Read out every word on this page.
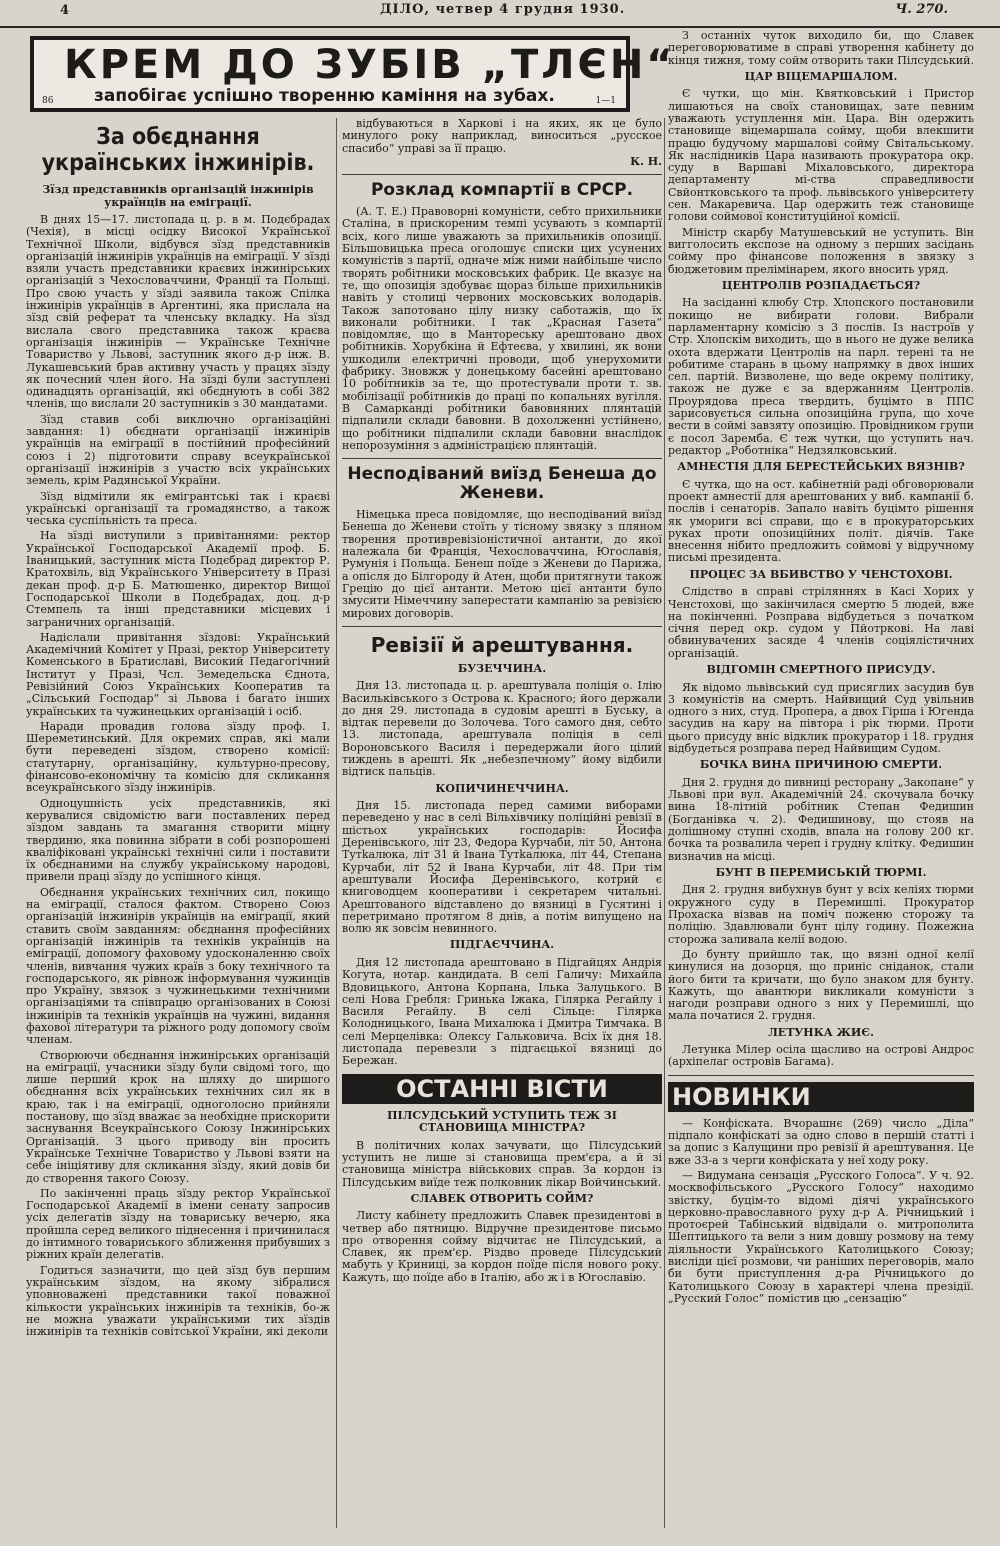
4	ДІЛО, четвер 4 грудня 1930.	Ч. 270.
КРЕМ ДО ЗУБІВ „ТЛЄН“
запобігає успішно творенню каміння на зубах.
86	1—1
За обєднання українських інжинірів.
Зїзд представників організацій інжинірів українців на еміграції.

В днях 15—17. листопада ц. р. в м. Подєбрадах (Чехія), в місці осідку Високої Української Технічної Школи, відбувся зїзд представників організацій інжинірів українців на еміграції. У зїзді взяли участь представники краєвих інжинірських організацій з Чехословаччини, Франції та Польщі. Про свою участь у зїзді заявила також Спілка інжинірів українців в Аргентині, яка прислала на зїзд свій реферат та членську вкладку. На зїзд вислала свого представника також краєва організація інжинірів — Українське Технічне Товариство у Львові, заступник якого д-р інж. В. Лукашевський брав активну участь у працях зїзду як почесний член його. На зїзді були заступлені одинадцять організацій, які обєднують в собі 382 членів, що вислали 20 заступників з 30 мандатами.

Зїзд ставив собі виключно організаційні завдання: 1) обєднати організації інжинірів українців на еміграції в постійний професійний союз і 2) підготовити справу всеукраїнської організації інжинірів з участю всіх українських земель, крім Радянської України.

Зїзд відмітили як емігрантські так і краєві українські організації та громадянство, а також чеська суспільність та преса.

На зїзді виступили з привітаннями: ректор Української Господарської Академії проф. Б. Іваницький, заступник міста Подєбрад директор Р. Кратохвіль, від Українського Університету в Празі декан проф. д-р Б. Матюшенко, директор Вищої Господарської Школи в Подєбрадах, доц. д-р Стемпель та інші представники місцевих і заграничних організацій.

Надіслали привітання зїздові: Український Академічний Комітет у Празі, ректор Університету Коменського в Братиславі, Високий Педагогічний Інститут у Празі, Чсл. Земедельска Єднота, Ревізійний Союз Українських Кооператив та „Сільський Господар“ зі Львова і багато інших українських та чужинецьких організацій і осіб.

Наради провадив голова зїзду проф. І. Шереметинський. Для окремих справ, які мали бути переведені зїздом, створено комісії: статутарну, організаційну, культурно-пресову, фінансово-економічну та комісію для скликання всеукраїнського зїзду інжинірів.

Одноцушність усіх представників, які керувалися свідомістю ваги поставлених перед зїздом завдань та змагання створити міцну твердиню, яка повинна зібрати в собі розпорошені кваліфіковані українські технічні сили і поставити їх обєднаними на службу українському народові, привели праці зїзду до успішного кінця.

Обєднання українських технічних сил, покищо на еміграції, сталося фактом. Створено Союз організацій інжинірів українців на еміграції, який ставить своїм завданням: обєднання професійних організацій інжинірів та техніків українців на еміграції, допомогу фаховому удосконаленню своїх членів, вивчання чужих країв з боку технічного та господарського, як рівнож інформування чужинців про Україну, звязок з чужинецькими технічними організаціями та співпрацю організованих в Союзі інжинірів та техніків українців на чужині, видання фахової літератури та ріжного роду допомогу своїм членам.

Створюючи обєднання інжинірських організацій на еміграції, учасники зїзду були свідомі того, що лише перший крок на шляху до ширшого обєднання всіх українських технічних сил як в краю, так і на еміграції, одноголосно прийняли постанову, що зїзд вважає за необхідне прискорити заснування Всеукраїнського Союзу Інжинірських Організацій. З цього приводу він просить Українське Технічне Товариство у Львові взяти на себе ініціятиву для скликання зїзду, який довів би до створення такого Союзу.

По закінченні праць зїзду ректор Української Господарської Академії в імени сенату запросив усіх делегатів зїзду на товариську вечерю, яка пройшла серед великого піднесення і причинилася до інтимного товариського зближення прибувших з ріжних країн делегатів.

Годиться зазначити, що цей зїзд був першим українським зїздом, на якому зібралися уповноважені представники такої поважної кількости українських інжинірів та техніків, бо-ж не можна уважати українськими тих зїздів інжинірів та техніків совітської України, які деколи

відбуваються в Харкові і на яких, як це було минулого року наприклад, виноситься „русское спасибо“ управі за її працю.

К. Н.
Розклад компартії в СРСР.

(А. Т. Е.) Правоворні комуністи, себто прихильники Сталіна, в прискореним темпі усувають з компартії всіх, кого лише уважають за прихильників опозиції. Більшовицька преса оголошує списки цих усунених комуністів з партії, одначе між ними найбільше число творять робітники московських фабрик. Це вказує на те, що опозиція здобуває щораз більше прихильників навіть у столиці червоних московських володарів. Також запотовано цілу низку саботажів, що їх виконали робітники. І так „Красная Газета“ повідомляє, що в Мантореськy арештовано двох робітників. Хорубкіна й Ефтеєва, у хвилині, як вони ушкодили електричні проводи, щоб унеруxомити фабрику. Зновжж у донецькому басейні арештовано 10 робітників за те, що протестували проти т. зв. мобілізації робітників до праці по копальнях вугілля. В Самаркандi робітники бавовняних плянтацій підпалили склади бавовни. В дохолженні устійнено, що робітники підпалили склади бавовни внаслідок непорозуміння з адміністрацією плянтацій.

Несподіваний виїзд Бенеша до Женеви.

Німецька преса повідомляє, що несподіваний виїзд Бенеша до Женеви стоїть у тісному звязку з пляном творення противревізіоністичної антанти, до якої належала би Франція, Чехословаччина, Югославія, Румунія і Польща. Бенеш поїде з Женеви до Парижа, а опісля до Білгороду й Атен, щоби притягнути також Грецію до цієї антанти. Метою цієї антанти було змусити Німеччину заперестати кампанію за ревізією мирових договорів.

Ревізії й арештування.
БУЗЕЧЧИНА.

Дня 13. листопада ц. р. арештувала поліція о. Ілію Васильківського з Острова к. Красного; його держали до дня 29. листопада в судовім арешті в Буську, а відтак перевели до Золочева. Того самого дня, себто 13. листопада, арештувала поліція в селі Вороновськoго Василя і передержали його цілий тиждень в арешті. Як „небезпечному“ йому відбили відтиск пальців.

КОПИЧИНЕЧЧИНА.

Дня 15. листопада перед самими виборами переведено у нас в селі Вільхівчику поліційні ревізії в шістьох українських господарів: Йосифа Деренівського, літ 23, Федора Курчаби, літ 50, Антона Тутkалюка, літ 31 й Івана Тутkалюка, літ 44, Степана Курчаби, літ 52 й Івана Курчаби, літ 48. При тім арештували Йосифа Деренівського, котрий є книговодцем кооперативи і секретарем читальні. Арештованого відставлено до вязниці в Гусятині і перетримано протягом 8 днів, а потім випущено на волю як зовсім невинного.

ПІДГАЄЧЧИНА.

Дня 12 листопада арештовано в Підгайцях Андрія Когута, нотар. кандидата. В селі Галичу: Михайла Вдовицького, Антона Корпана, Ілька Залуцького. В селі Нова Гребля: Гринька Іжака, Гілярка Регайлу і Василя Регайлу. В селі Сільце: Гілярка Колодницького, Івана Михалюка і Дмитра Тимчака. В селі Мерцелівка: Олексу Гальковича. Всіх їх дня 18. листопада перевезли з підгаєцької вязниці до Бережан.

ОСТАННІ ВІСТИ
ПІЛСУДСЬКИЙ УСТУПИТЬ ТЕЖ ЗІ СТАНОВИЩА МІНІСТРА?

В політичних колах зачувати, що Пілсудський уступить не лише зі становища прем'єра, а й зі становища міністра військових справ. За кордон із Пілсудським виїде теж полковник лікар Войчинський.

СЛАВЕК ОТВОРИТЬ СОЙМ?

Листу кабінету предложить Славек президентові в четвер або пятницю. Відручне президентове письмо про отворення сойму відчитає не Пілсудський, а Славек, як прем'єр. Різдво проведе Пілсудський мабуть у Криниці, за кордон поїде після нового року. Кажуть, що поїде або в Італію, або ж і в Югославію.

З останніх чуток виходило би, що Славек переговорюватиме в справі утворення кабінету до кінця тижня, тому сойм отворить таки Пілсудський.

ЦАР ВІЦЕМАРШАЛОМ.

Є чутки, що мін. Квятковський і Пристор лишаються на своїх становищах, зате певним уважають уступлення мін. Царa. Він одержить становище віцемаршала сойму, щоби влекшити працю будучому маршалові сойму Світальському. Як наслідників Царa називають прокуратора окр. суду в Варшаві Міхаловського, директора департаменту мі-ства справедливости Свйонтковського та проф. львівського університету сен. Макаревича. Цар одержить теж становище голови соймової конституційної комісії.

Міністр скарбу Матушевський не уступить. Він вигголосить експозе на одному з перших засідань сойму про фінансове положення в звязку з бюджетовим прелімінарем, якого вносить уряд.

ЦЕНТРОЛІВ РОЗПАДАЄТЬСЯ?

На засіданні клюбу Стр. Хлопского постановили покищо не вибирати голови. Вибрали парламентарну комісію з 3 послів. Із настроїв у Стр. Хлопскім виходить, що в нього не дуже велика охота вдержати Центролів на парл. терені та не робитиме старань в цьому напрямку в двох інших сел. партій. Визволене, що веде окрему політику, також не дуже є за вдержанням Центролів. Проурядова преса твердить, буцімто в ППС зарисовується сильна опозиційна група, що хоче вести в соймі завзяту опозицію. Провідником групи є посол Заремба. Є теж чутки, що уступить нач. редактор „Роботніка“ Недзялковський.

АМНЕСТІЯ ДЛЯ БЕРЕСТЕЙСЬКИХ ВЯЗНІВ?

Є чутка, що на ост. кабінетній раді обговорювали проект амнестії для арештованих у виб. кампанії б. послів і сенаторів. Запало навіть буцімто рішення як умориги всі справи, що є в прокураторських руках проти опозиційних політ. діячів. Таке внесення нібито предложить соймові у відручному письмі президента.

ПРОЦЕС ЗА ВБИВСТВО У ЧЕНСТОХОВІ.

Слідство в справі стріляннях в Касі Хорих у Ченстохові, що закінчилася смертю 5 людей, вже на покінченні. Розправа відбудеться з початком січня перед окр. судом у Пйотркові. На лаві обвинувачених засяде 4 членів соціялістичних організацій.

ВІДГОМІН СМЕРТНОГО ПРИСУДУ.

Як відомо львівський суд присяглих засудив був 3 комуністів на смерть. Найвищий Суд увільнив одного з них, студ. Пропера, а двох Гірша і Югенда засудив на кару на півтора і рік тюрми. Проти цього присуду вніс відклик прокуратор і 18. грудня відбудеться розправа перед Найвищим Судом.

БОЧКА ВИНА ПРИЧИНОЮ СМЕРТИ.

Дня 2. грудня до пивниці ресторану „Закопане“ у Львові при вул. Академічній 24. скочувала бочку вина 18-літній робітник Степан Федишин (Богданівка ч. 2). Федишинову, що стояв на долішному ступні сходів, впала на голову 200 кг. бочка та розвалила череп і грудну клітку. Федишин визначив на місці.

БУНТ В ПЕРЕМИСЬКІЙ ТЮРМІ.

Дня 2. грудня вибухнув бунт у всіх келіях тюрми окружного суду в Перемишлі. Прокуратор Прохаска візвав на поміч поженю сторожу та поліцію. Здавлювали бунт цілу годину. Пожежна сторожа заливала келії водою.

До бунту прийшло так, що вязні одної келії кинулися на дозорця, що приніс сніданок, стали його бити та кричати, що було знаком для бунту. Кажуть, що авантюри викликали комуністи з нагоди розправи одного з них у Перемишлі, що мала початися 2. грудня.

ЛЕТУНКА ЖИЄ.

Летунка Мілер осіла щасливо на острові Андрос (архіпелаг островів Багама).

НОВИНКИ

— Конфіската. Вчорашнє (269) число „Діла“ підпало конфіскаті за одно слово в першій статті і за допис з Калущини про ревізії й арештування. Це вже 33-а з черги конфіската у неї ходу року.

— Видумана сензація „Русского Голоса“. У ч. 92. москвофільського „Русского Голосу“ находимо звістку, буцім-то відомі діячі українського церковно-православного руху д-р А. Річницький і протоєрей Табінський відвідали о. митрополита Шептицького та вели з ним довшу розмову на тему діяльности Українського Католицького Союзу; висліди цієї розмови, чи раніших переговорів, мало би бути приступлення д-ра Річницького до Католицького Союзу в характері члена презідії. „Русский Голос“ помістив цю „сензацію“
